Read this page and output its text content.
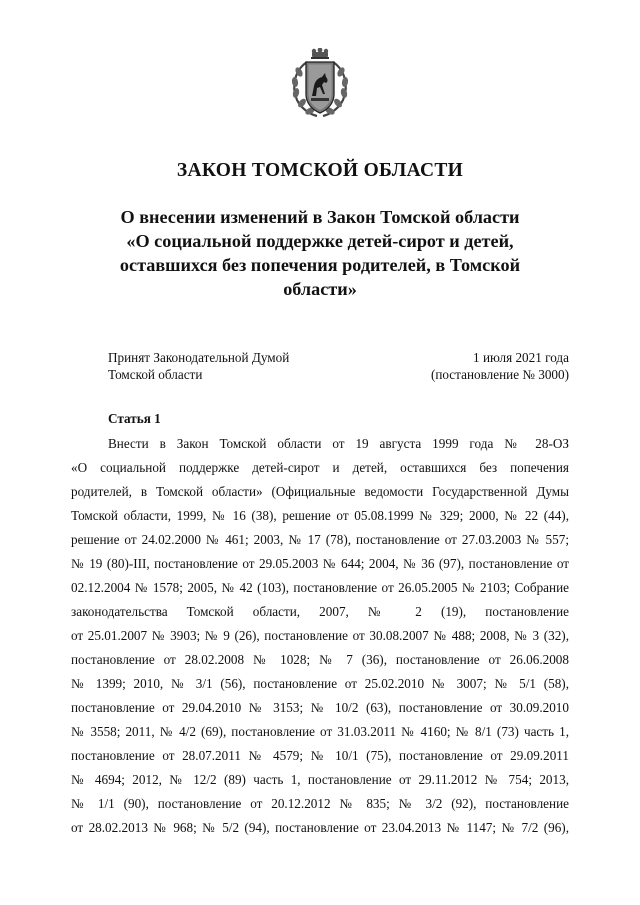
ЗАКОН ТОМСКОЙ ОБЛАСТИ
О внесении изменений в Закон Томской области
«О социальной поддержке детей-сирот и детей,
оставшихся без попечения родителей, в Томской
области»
Принят Законодательной Думой
Томской области
1 июля 2021 года
(постановление № 3000)
Статья 1
Внести в Закон Томской области от 19 августа 1999 года № 28-ОЗ
«О социальной поддержке детей-сирот и детей, оставшихся без попечения
родителей, в Томской области» (Официальные ведомости Государственной Думы
Томской области, 1999, № 16 (38), решение от 05.08.1999 № 329; 2000, № 22 (44),
решение от 24.02.2000 № 461; 2003, № 17 (78), постановление от 27.03.2003 № 557;
№ 19 (80)-III, постановление от 29.05.2003 № 644; 2004, № 36 (97), постановление от
02.12.2004 № 1578; 2005, № 42 (103), постановление от 26.05.2005 № 2103; Собрание
законодательства Томской области, 2007, № 2 (19), постановление
от 25.01.2007 № 3903; № 9 (26), постановление от 30.08.2007 № 488; 2008, № 3 (32),
постановление от 28.02.2008 № 1028; № 7 (36), постановление от 26.06.2008
№ 1399; 2010, № 3/1 (56), постановление от 25.02.2010 № 3007; № 5/1 (58),
постановление от 29.04.2010 № 3153; № 10/2 (63), постановление от 30.09.2010
№ 3558; 2011, № 4/2 (69), постановление от 31.03.2011 № 4160; № 8/1 (73) часть 1,
постановление от 28.07.2011 № 4579; № 10/1 (75), постановление от 29.09.2011
№ 4694; 2012, № 12/2 (89) часть 1, постановление от 29.11.2012 № 754; 2013,
№ 1/1 (90), постановление от 20.12.2012 № 835; № 3/2 (92), постановление
от 28.02.2013 № 968; № 5/2 (94), постановление от 23.04.2013 № 1147; № 7/2 (96),
